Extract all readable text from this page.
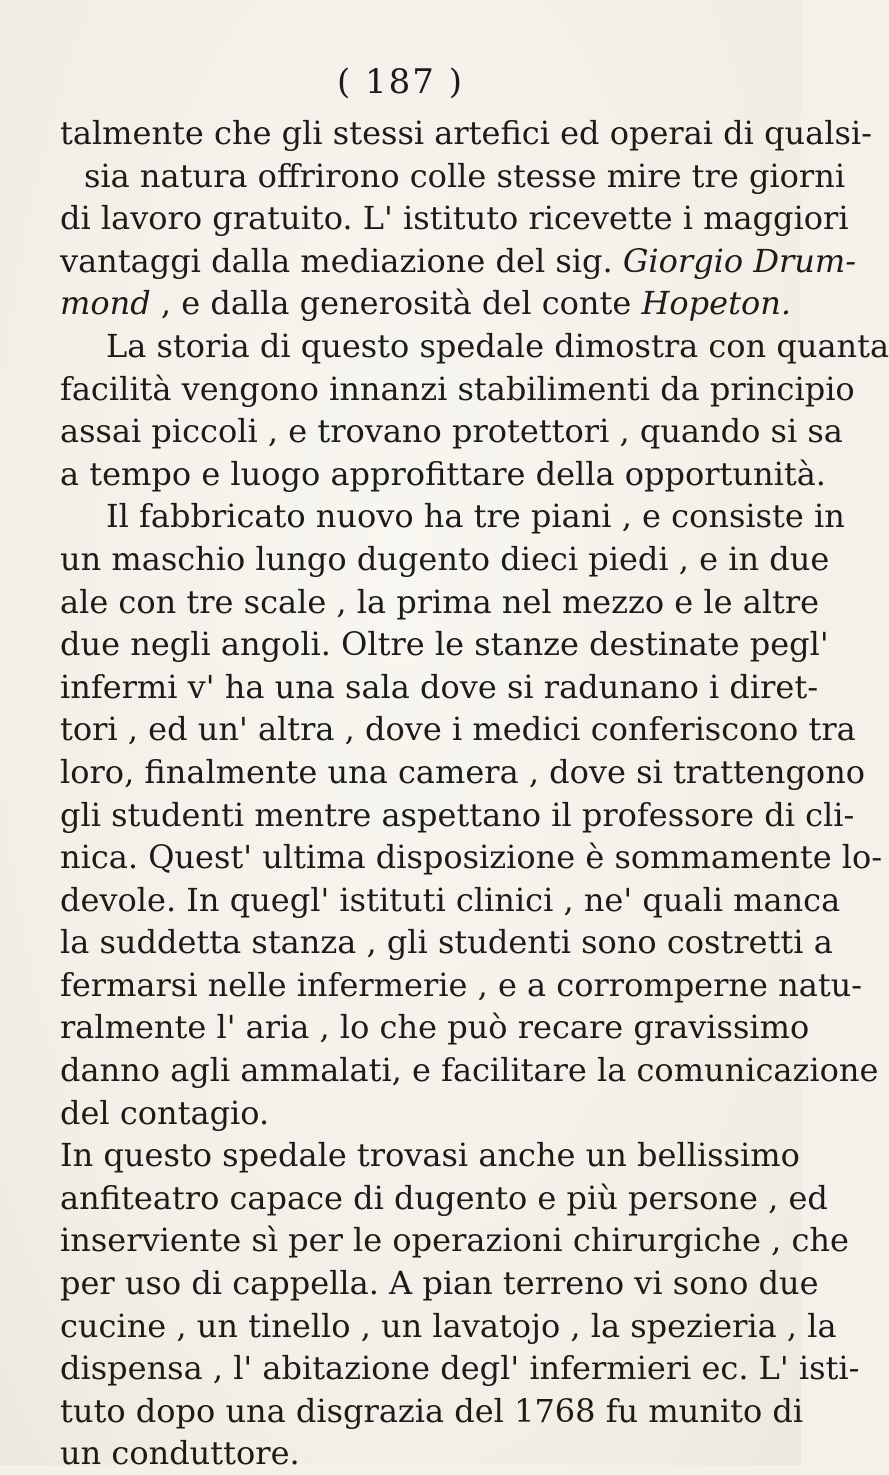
( 187 )
talmente che gli stessi artefici ed operai di qualsi-
sia natura offrirono colle stesse mire tre giorni
di lavoro gratuito. L' istituto ricevette i maggiori
vantaggi dalla mediazione del sig. Giorgio Drum-
mond , e dalla generosità del conte Hopeton.
La storia di questo spedale dimostra con quanta
facilità vengono innanzi stabilimenti da principio
assai piccoli , e trovano protettori , quando si sa
a tempo e luogo approfittare della opportunità.
Il fabbricato nuovo ha tre piani , e consiste in
un maschio lungo dugento dieci piedi , e in due
ale con tre scale , la prima nel mezzo e le altre
due negli angoli. Oltre le stanze destinate pegl'
infermi v' ha una sala dove si radunano i diret-
tori , ed un' altra , dove i medici conferiscono tra
loro, finalmente una camera , dove si trattengono
gli studenti mentre aspettano il professore di cli-
nica. Quest' ultima disposizione è sommamente lo-
devole. In quegl' istituti clinici , ne' quali manca
la suddetta stanza , gli studenti sono costretti a
fermarsi nelle infermerie , e a corromperne natu-
ralmente l' aria , lo che può recare gravissimo
danno agli ammalati, e facilitare la comunicazione
del contagio.
In questo spedale trovasi anche un bellissimo
anfiteatro capace di dugento e più persone , ed
inserviente sì per le operazioni chirurgiche , che
per uso di cappella. A pian terreno vi sono due
cucine , un tinello , un lavatojo , la spezieria , la
dispensa , l' abitazione degl' infermieri ec. L' isti-
tuto dopo una disgrazia del 1768 fu munito di
un conduttore.
